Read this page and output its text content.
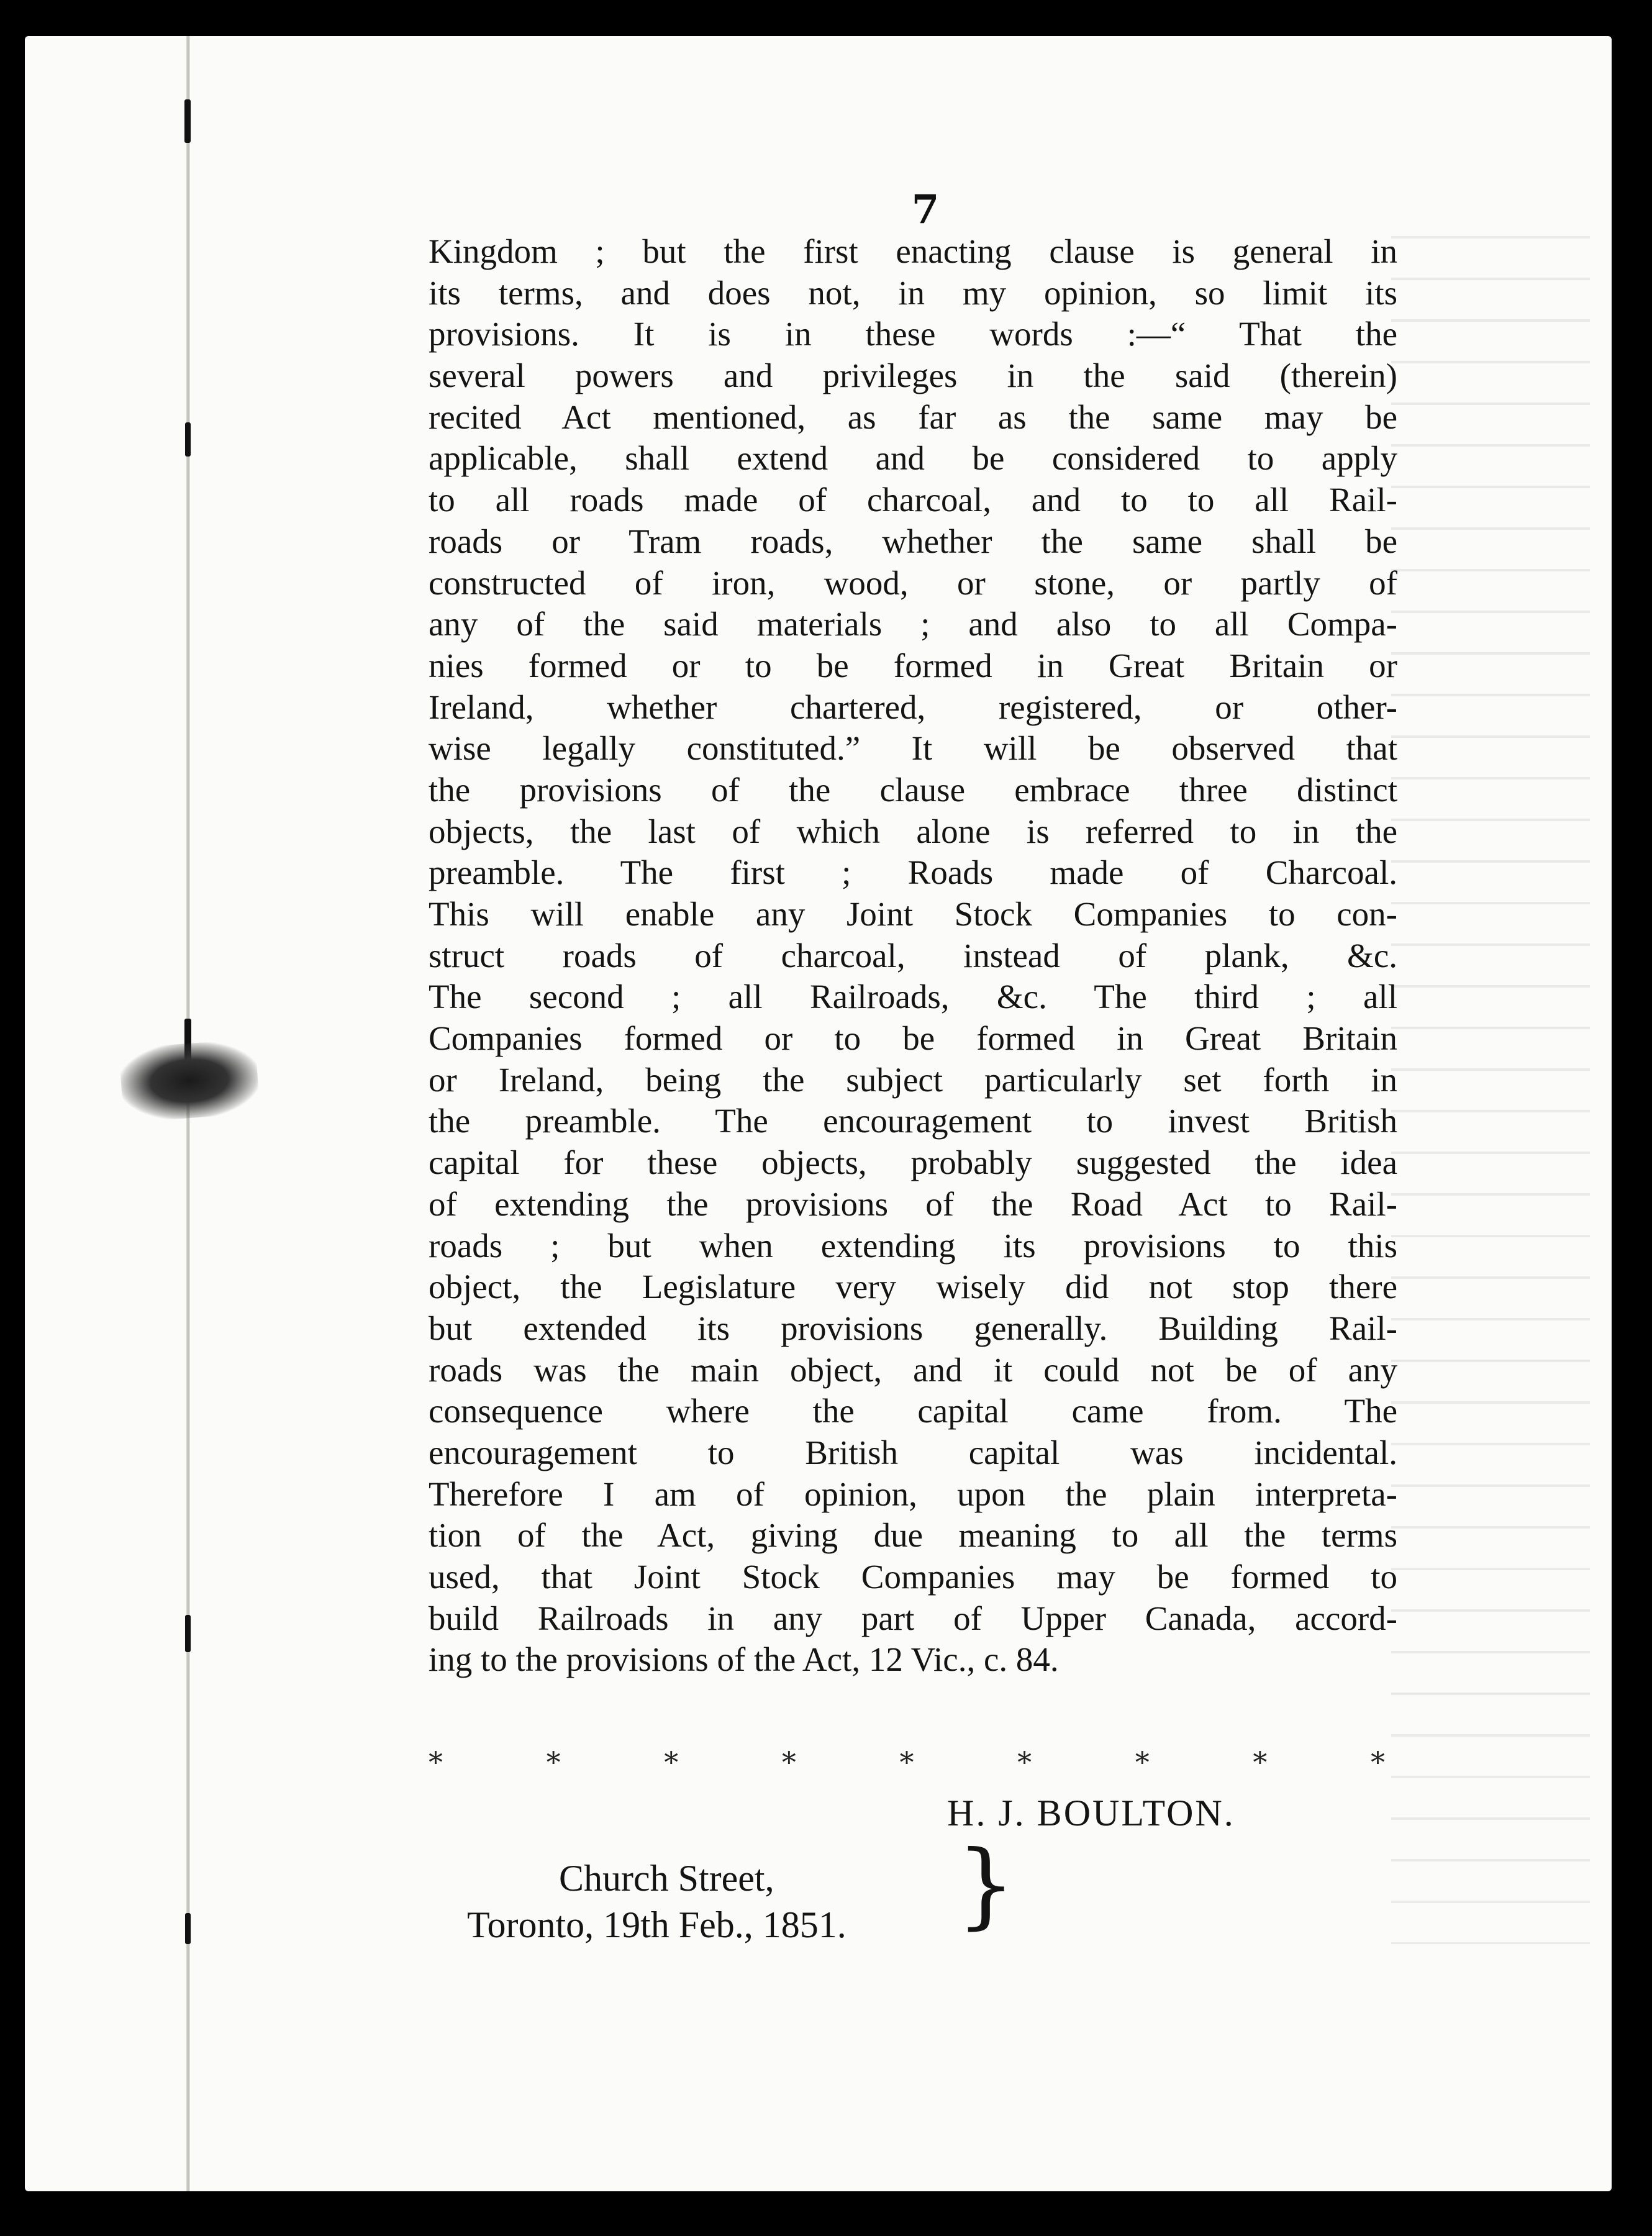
7
Kingdom ; but the first enacting clause is general in
its terms, and does not, in my opinion, so limit its
provisions. It is in these words :—“ That the
several powers and privileges in the said (therein)
recited Act mentioned, as far as the same may be
applicable, shall extend and be considered to apply
to all roads made of charcoal, and to to all Rail-
roads or Tram roads, whether the same shall be
constructed of iron, wood, or stone, or partly of
any of the said materials ; and also to all Compa-
nies formed or to be formed in Great Britain or
Ireland, whether chartered, registered, or other-
wise legally constituted.” It will be observed that
the provisions of the clause embrace three distinct
objects, the last of which alone is referred to in the
preamble. The first ; Roads made of Charcoal.
This will enable any Joint Stock Companies to con-
struct roads of charcoal, instead of plank, &c.
The second ; all Railroads, &c. The third ; all
Companies formed or to be formed in Great Britain
or Ireland, being the subject particularly set forth in
the preamble. The encouragement to invest British
capital for these objects, probably suggested the idea
of extending the provisions of the Road Act to Rail-
roads ; but when extending its provisions to this
object, the Legislature very wisely did not stop there
but extended its provisions generally. Building Rail-
roads was the main object, and it could not be of any
consequence where the capital came from. The
encouragement to British capital was incidental.
Therefore I am of opinion, upon the plain interpreta-
tion of the Act, giving due meaning to all the terms
used, that Joint Stock Companies may be formed to
build Railroads in any part of Upper Canada, accord-
ing to the provisions of the Act, 12 Vic., c. 84.
*	*	*	*	*	*	*	*	*
H. J. BOULTON.
Church Street,
Toronto, 19th Feb., 1851. }
